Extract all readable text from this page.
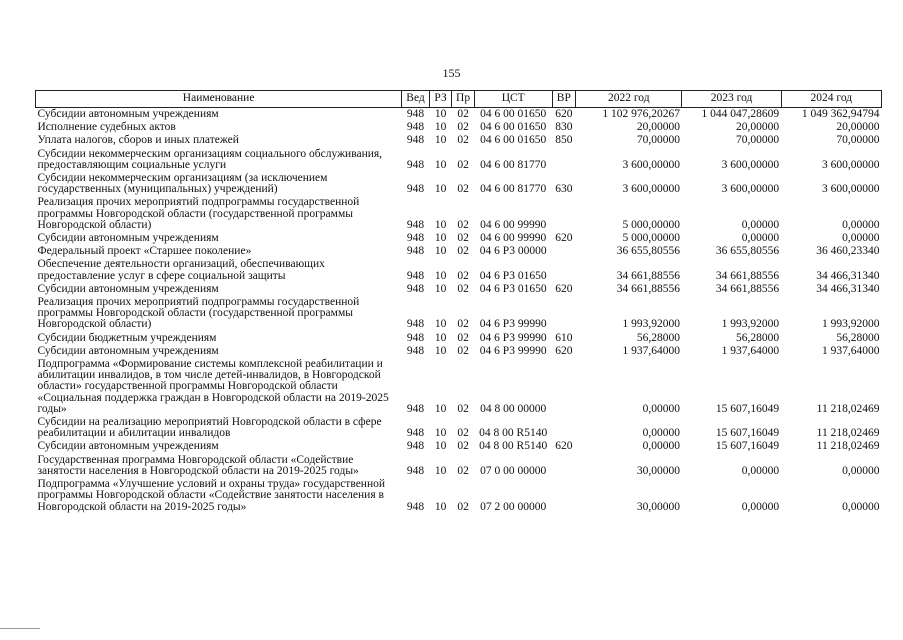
155
Наименование	Вед	РЗ	Пр	ЦСТ	ВР	2022 год	2023 год	2024 год
Субсидии автономным учреждениям	948	10	02	04 6 00 01650	620	1 102 976,20267	1 044 047,28609	1 049 362,94794
Исполнение судебных актов	948	10	02	04 6 00 01650	830	20,00000	20,00000	20,00000
Уплата налогов, сборов и иных платежей	948	10	02	04 6 00 01650	850	70,00000	70,00000	70,00000
Субсидии некоммерческим организациям социального обслуживания, предоставляющим социальные услуги	948	10	02	04 6 00 81770		3 600,00000	3 600,00000	3 600,00000
Субсидии некоммерческим организациям (за исключением государственных (муниципальных) учреждений)	948	10	02	04 6 00 81770	630	3 600,00000	3 600,00000	3 600,00000
Реализация прочих мероприятий подпрограммы государственной программы Новгородской области (государственной программы Новгородской области)	948	10	02	04 6 00 99990		5 000,00000	0,00000	0,00000
Субсидии автономным учреждениям	948	10	02	04 6 00 99990	620	5 000,00000	0,00000	0,00000
Федеральный проект «Старшее поколение»	948	10	02	04 6 P3 00000		36 655,80556	36 655,80556	36 460,23340
Обеспечение деятельности организаций, обеспечивающих предоставление услуг в сфере социальной защиты	948	10	02	04 6 P3 01650		34 661,88556	34 661,88556	34 466,31340
Субсидии автономным учреждениям	948	10	02	04 6 P3 01650	620	34 661,88556	34 661,88556	34 466,31340
Реализация прочих мероприятий подпрограммы государственной программы Новгородской области (государственной программы Новгородской области)	948	10	02	04 6 P3 99990		1 993,92000	1 993,92000	1 993,92000
Субсидии бюджетным учреждениям	948	10	02	04 6 P3 99990	610	56,28000	56,28000	56,28000
Субсидии автономным учреждениям	948	10	02	04 6 P3 99990	620	1 937,64000	1 937,64000	1 937,64000
Подпрограмма «Формирование системы комплексной реабилитации и абилитации инвалидов, в том числе детей-инвалидов, в Новгородской области» государственной программы Новгородской области «Социальная поддержка граждан в Новгородской области на 2019-2025 годы»	948	10	02	04 8 00 00000		0,00000	15 607,16049	11 218,02469
Субсидии на реализацию мероприятий Новгородской области в сфере реабилитации и абилитации инвалидов	948	10	02	04 8 00 R5140		0,00000	15 607,16049	11 218,02469
Субсидии автономным учреждениям	948	10	02	04 8 00 R5140	620	0,00000	15 607,16049	11 218,02469
Государственная программа Новгородской области «Содействие занятости населения в Новгородской области на 2019-2025 годы»	948	10	02	07 0 00 00000		30,00000	0,00000	0,00000
Подпрограмма «Улучшение условий и охраны труда» государственной программы Новгородской области «Содействие занятости населения в Новгородской области на 2019-2025 годы»	948	10	02	07 2 00 00000		30,00000	0,00000	0,00000
